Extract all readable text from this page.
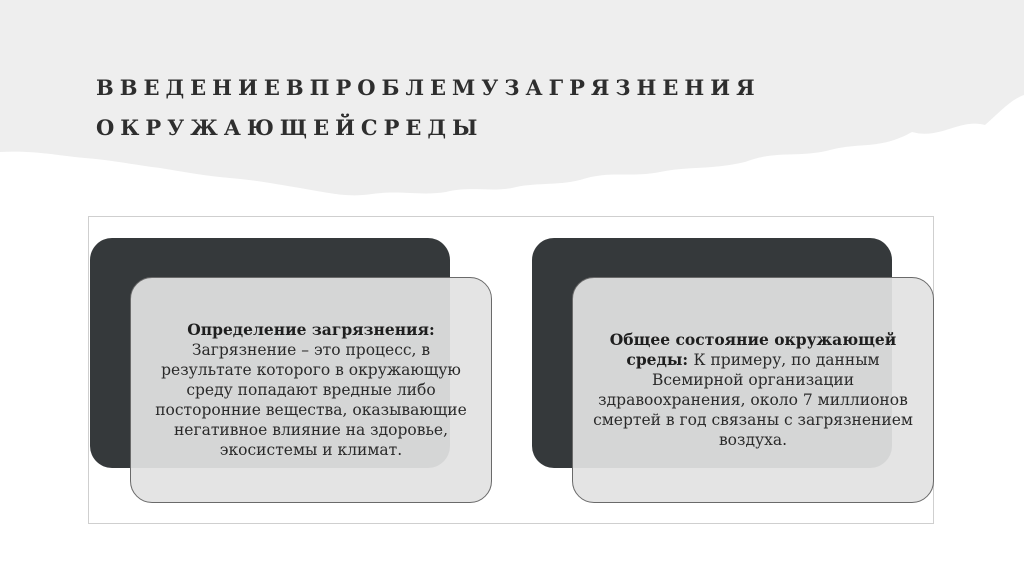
ВВЕДЕНИЕВПРОБЛЕМУЗАГРЯЗНЕНИЯ
ОКРУЖАЮЩЕЙСРЕДЫ

Определение загрязнения: Загрязнение – это процесс, в результате которого в окружающую среду попадают вредные либо посторонние вещества, оказывающие негативное влияние на здоровье, экосистемы и климат.

Общее состояние окружающей среды: К примеру, по данным Всемирной организации здравоохранения, около 7 миллионов смертей в год связаны с загрязнением воздуха.
